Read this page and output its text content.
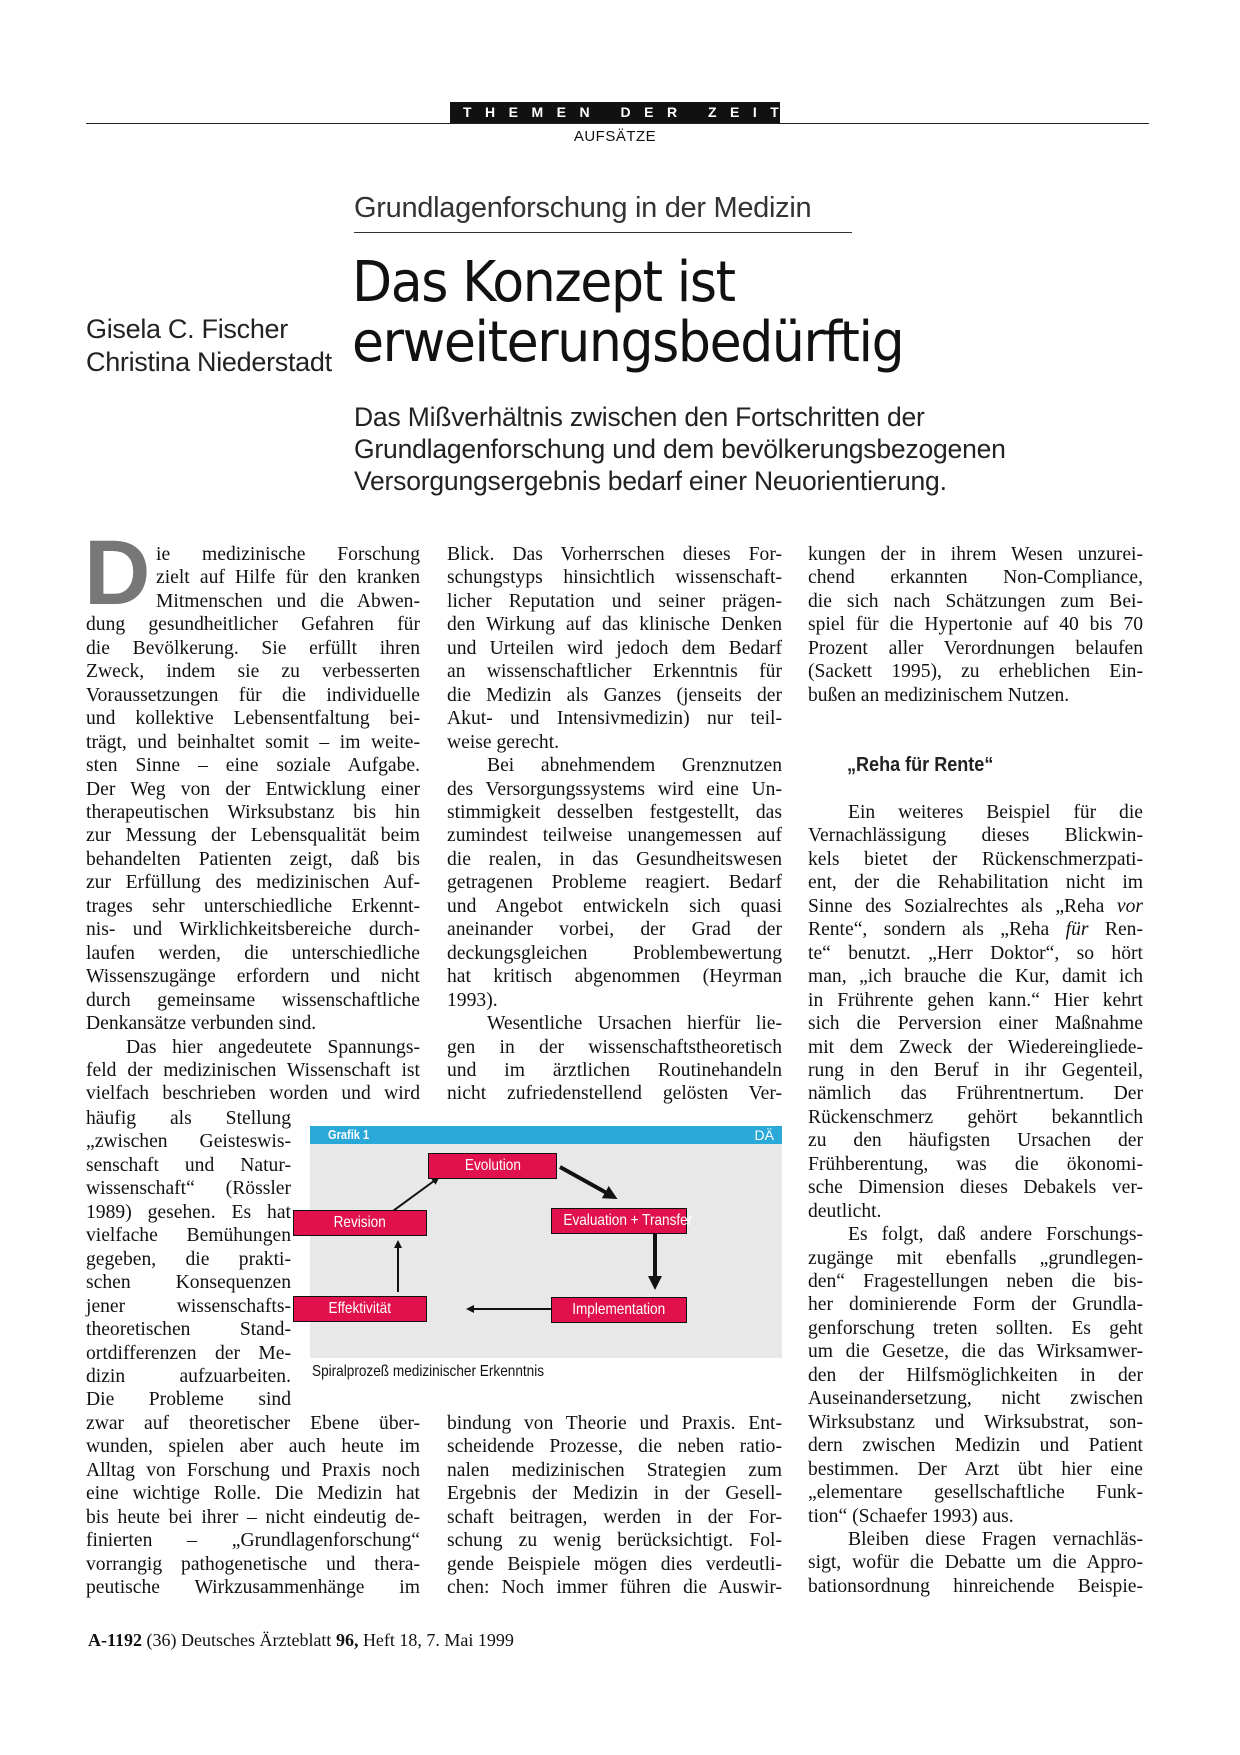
THEMEN DER ZEIT
AUFSÄTZE
Grundlagenforschung in der Medizin
Das Konzept ist
erweiterungsbedürftig
Gisela C. Fischer
Christina Niederstadt
Das Mißverhältnis zwischen den Fortschritten der
Grundlagenforschung und dem bevölkerungsbezogenen
Versorgungsergebnis bedarf einer Neuorientierung.
D ie medizinische Forschung
zielt auf Hilfe für den kranken
Mitmenschen und die Abwen-
dung gesundheitlicher Gefahren für
die Bevölkerung. Sie erfüllt ihren
Zweck, indem sie zu verbesserten
Voraussetzungen für die individuelle
und kollektive Lebensentfaltung bei-
trägt, und beinhaltet somit – im weite-
sten Sinne – eine soziale Aufgabe.
Der Weg von der Entwicklung einer
therapeutischen Wirksubstanz bis hin
zur Messung der Lebensqualität beim
behandelten Patienten zeigt, daß bis
zur Erfüllung des medizinischen Auf-
trages sehr unterschiedliche Erkennt-
nis- und Wirklichkeitsbereiche durch-
laufen werden, die unterschiedliche
Wissenszugänge erfordern und nicht
durch gemeinsame wissenschaftliche
Denkansätze verbunden sind.
Das hier angedeutete Spannungs-
feld der medizinischen Wissenschaft ist
vielfach beschrieben worden und wird
häufig als Stellung
„zwischen Geisteswis-
senschaft und Natur-
wissenschaft“ (Rössler
1989) gesehen. Es hat
vielfache Bemühungen
gegeben, die prakti-
schen Konsequenzen
jener wissenschafts-
theoretischen Stand-
ortdifferenzen der Me-
dizin aufzuarbeiten.
Die Probleme sind
zwar auf theoretischer Ebene über-
wunden, spielen aber auch heute im
Alltag von Forschung und Praxis noch
eine wichtige Rolle. Die Medizin hat
bis heute bei ihrer – nicht eindeutig de-
finierten – „Grundlagenforschung“
vorrangig pathogenetische und thera-
peutische Wirkzusammenhänge im
Blick. Das Vorherrschen dieses For-
schungstyps hinsichtlich wissenschaft-
licher Reputation und seiner prägen-
den Wirkung auf das klinische Denken
und Urteilen wird jedoch dem Bedarf
an wissenschaftlicher Erkenntnis für
die Medizin als Ganzes (jenseits der
Akut- und Intensivmedizin) nur teil-
weise gerecht.
Bei abnehmendem Grenznutzen
des Versorgungssystems wird eine Un-
stimmigkeit desselben festgestellt, das
zumindest teilweise unangemessen auf
die realen, in das Gesundheitswesen
getragenen Probleme reagiert. Bedarf
und Angebot entwickeln sich quasi
aneinander vorbei, der Grad der
deckungsgleichen Problembewertung
hat kritisch abgenommen (Heyrman
1993).
Wesentliche Ursachen hierfür lie-
gen in der wissenschaftstheoretisch
und im ärztlichen Routinehandeln
nicht zufriedenstellend gelösten Ver-
bindung von Theorie und Praxis. Ent-
scheidende Prozesse, die neben ratio-
nalen medizinischen Strategien zum
Ergebnis der Medizin in der Gesell-
schaft beitragen, werden in der For-
schung zu wenig berücksichtigt. Fol-
gende Beispiele mögen dies verdeutli-
chen: Noch immer führen die Auswir-
kungen der in ihrem Wesen unzurei-
chend erkannten Non-Compliance,
die sich nach Schätzungen zum Bei-
spiel für die Hypertonie auf 40 bis 70
Prozent aller Verordnungen belaufen
(Sackett 1995), zu erheblichen Ein-
bußen an medizinischem Nutzen.
Ein weiteres Beispiel für die
Vernachlässigung dieses Blickwin-
kels bietet der Rückenschmerzpati-
ent, der die Rehabilitation nicht im
Sinne des Sozialrechtes als „Reha vor
Rente“, sondern als „Reha für Ren-
te“ benutzt. „Herr Doktor“, so hört
man, „ich brauche die Kur, damit ich
in Frührente gehen kann.“ Hier kehrt
sich die Perversion einer Maßnahme
mit dem Zweck der Wiedereingliede-
rung in den Beruf in ihr Gegenteil,
nämlich das Frührentnertum. Der
Rückenschmerz gehört bekanntlich
zu den häufigsten Ursachen der
Frühberentung, was die ökonomi-
sche Dimension dieses Debakels ver-
deutlicht.
Es folgt, daß andere Forschungs-
zugänge mit ebenfalls „grundlegen-
den“ Fragestellungen neben die bis-
her dominierende Form der Grundla-
genforschung treten sollten. Es geht
um die Gesetze, die das Wirksamwer-
den der Hilfsmöglichkeiten in der
Auseinandersetzung, nicht zwischen
Wirksubstanz und Wirksubstrat, son-
dern zwischen Medizin und Patient
bestimmen. Der Arzt übt hier eine
„elementare gesellschaftliche Funk-
tion“ (Schaefer 1993) aus.
Bleiben diese Fragen vernachläs-
sigt, wofür die Debatte um die Appro-
bationsordnung hinreichende Beispie-
„Reha für Rente“
Grafik 1	DÄ
Evolution
Evaluation + Transfer
Implementation
Effektivität
Revision
Spiralprozeß medizinischer Erkenntnis
A-1192 (36) Deutsches Ärzteblatt 96, Heft 18, 7. Mai 1999
